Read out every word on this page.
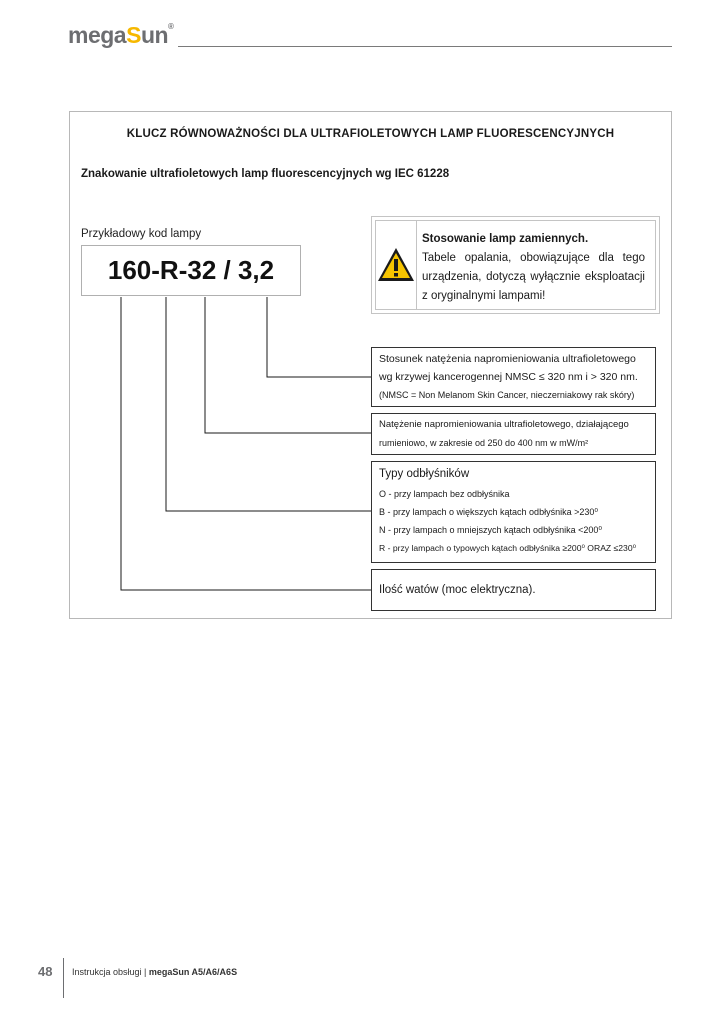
megaSun®
KLUCZ RÓWNOWAŻNOŚCI DLA ULTRAFIOLETOWYCH LAMP FLUORESCENCYJNYCH
Znakowanie ultrafioletowych lamp fluorescencyjnych wg IEC 61228
Przykładowy kod lampy
160-R-32 / 3,2
Stosowanie lamp zamiennych.
Tabele opalania, obowiązujące dla tego urządzenia, dotyczą wyłącznie eksploatacji z oryginalnymi lampami!
Stosunek natężenia napromieniowania ultrafioletowego
wg krzywej kancerogennej NMSC ≤ 320 nm i > 320 nm.
(NMSC = Non Melanom Skin Cancer, nieczerniakowy rak skóry)
Natężenie napromieniowania ultrafioletowego, działającego
rumieniowo, w zakresie od 250 do 400 nm w mW/m²
Typy odbłyśników
O - przy lampach bez odbłyśnika
B - przy lampach o większych kątach odbłyśnika >230⁰
N - przy lampach o mniejszych kątach odbłyśnika <200⁰
R - przy lampach o typowych kątach odbłyśnika ≥200⁰ ORAZ ≤230⁰
Ilość watów (moc elektryczna).
48 Instrukcja obsługi | megaSun A5/A6/A6S
